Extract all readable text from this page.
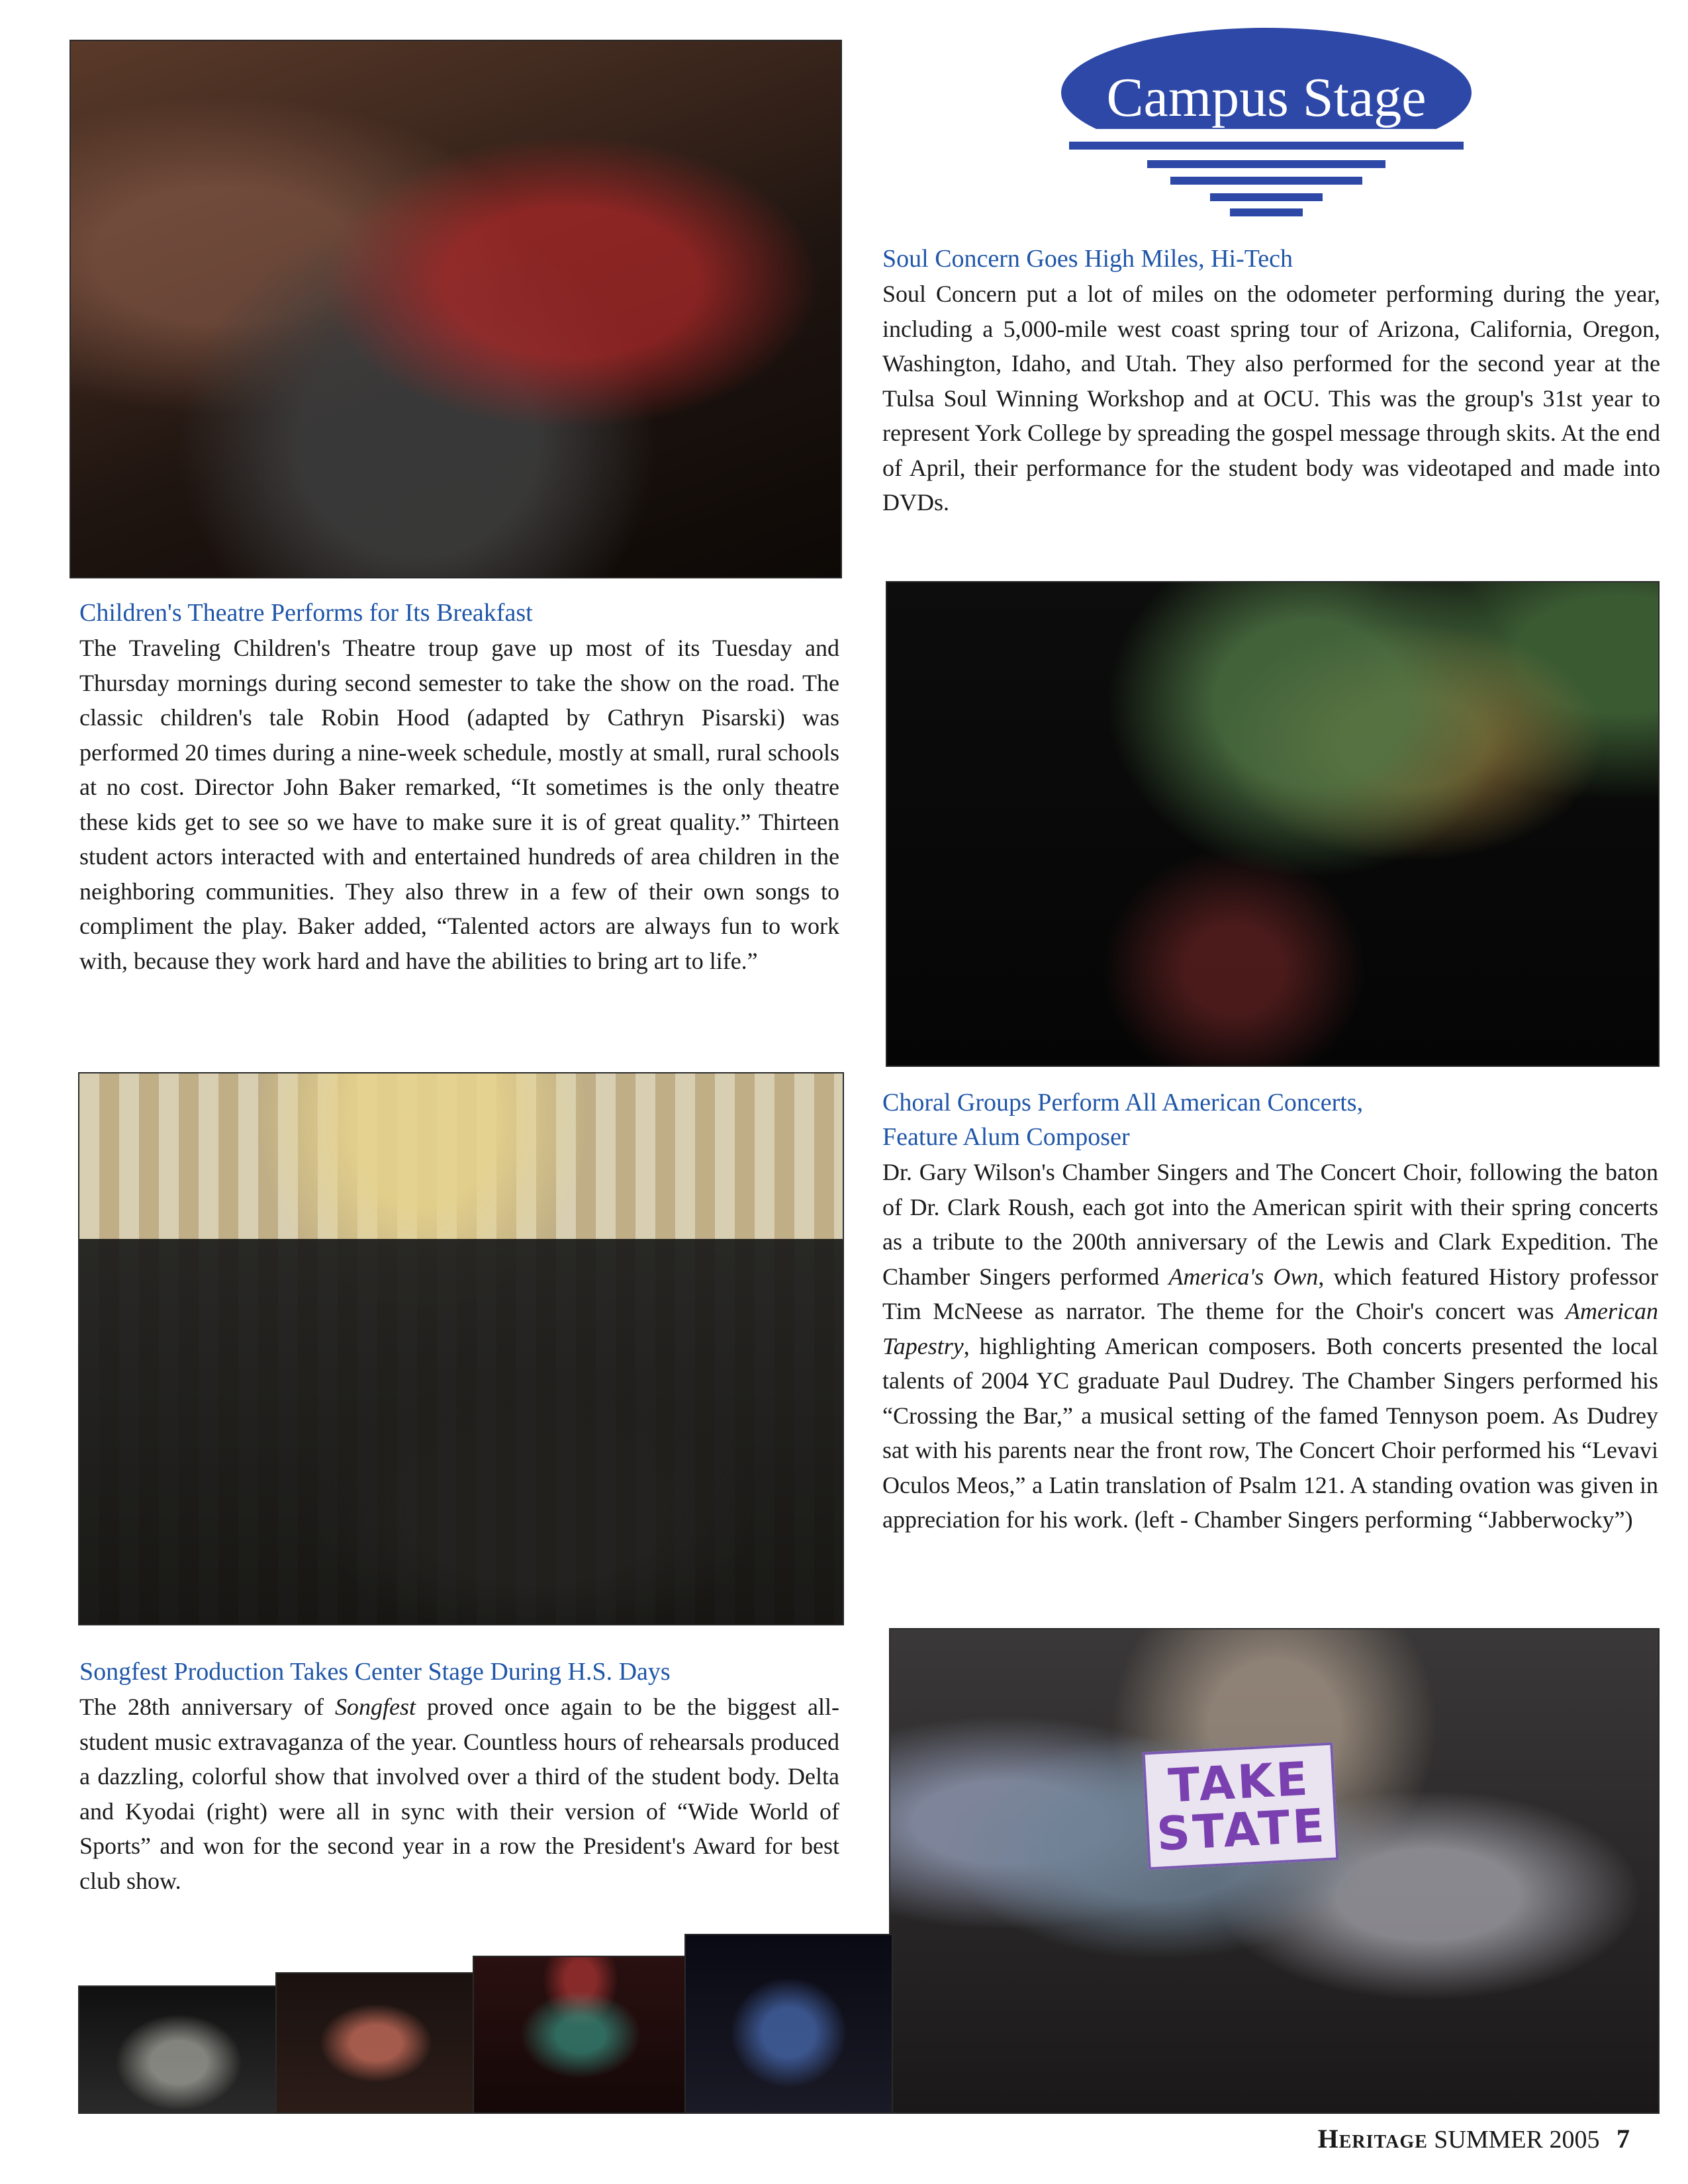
TAKE
STATE
Campus Stage
Soul Concern Goes High Miles, Hi-Tech
Soul Concern put a lot of miles on the odometer performing during the year, including a 5,000-mile west coast spring tour of Arizona, California, Oregon, Washington, Idaho, and Utah. They also performed for the second year at the Tulsa Soul Winning Workshop and at OCU. This was the group's 31st year to represent York College by spreading the gospel message through skits. At the end of April, their performance for the student body was videotaped and made into DVDs.
Children's Theatre Performs for Its Breakfast
The Traveling Children's Theatre troup gave up most of its Tuesday and Thursday mornings during second semester to take the show on the road. The classic children's tale Robin Hood (adapted by Cathryn Pisarski) was performed 20 times during a nine-week schedule, mostly at small, rural schools at no cost. Director John Baker remarked, “It sometimes is the only theatre these kids get to see so we have to make sure it is of great quality.” Thirteen student actors interacted with and entertained hundreds of area children in the neighboring communities. They also threw in a few of their own songs to compliment the play. Baker added, “Talented actors are always fun to work with, because they work hard and have the abilities to bring art to life.”
Choral Groups Perform All American Concerts,
Feature Alum Composer

Dr. Gary Wilson's Chamber Singers and The Concert Choir, following the baton of Dr. Clark Roush, each got into the American spirit with their spring concerts as a tribute to the 200th anniversary of the Lewis and Clark Expedition. The Chamber Singers performed America's Own, which featured History professor Tim McNeese as narrator. The theme for the Choir's concert was American Tapestry, highlighting American composers. Both concerts presented the local talents of 2004 YC graduate Paul Dudrey. The Chamber Singers performed his “Crossing the Bar,” a musical setting of the famed Tennyson poem. As Dudrey sat with his parents near the front row, The Concert Choir performed his “Levavi Oculos Meos,” a Latin translation of Psalm 121. A standing ovation was given in appreciation for his work. (left - Chamber Singers performing “Jabberwocky”)

Songfest Production Takes Center Stage During H.S. Days

The 28th anniversary of Songfest proved once again to be the biggest all-student music extravaganza of the year. Countless hours of rehearsals produced a dazzling, colorful show that involved over a third of the student body. Delta and Kyodai (right) were all in sync with their version of “Wide World of Sports” and won for the second year in a row the President's Award for best club show.

Heritage SUMMER 2005 7
